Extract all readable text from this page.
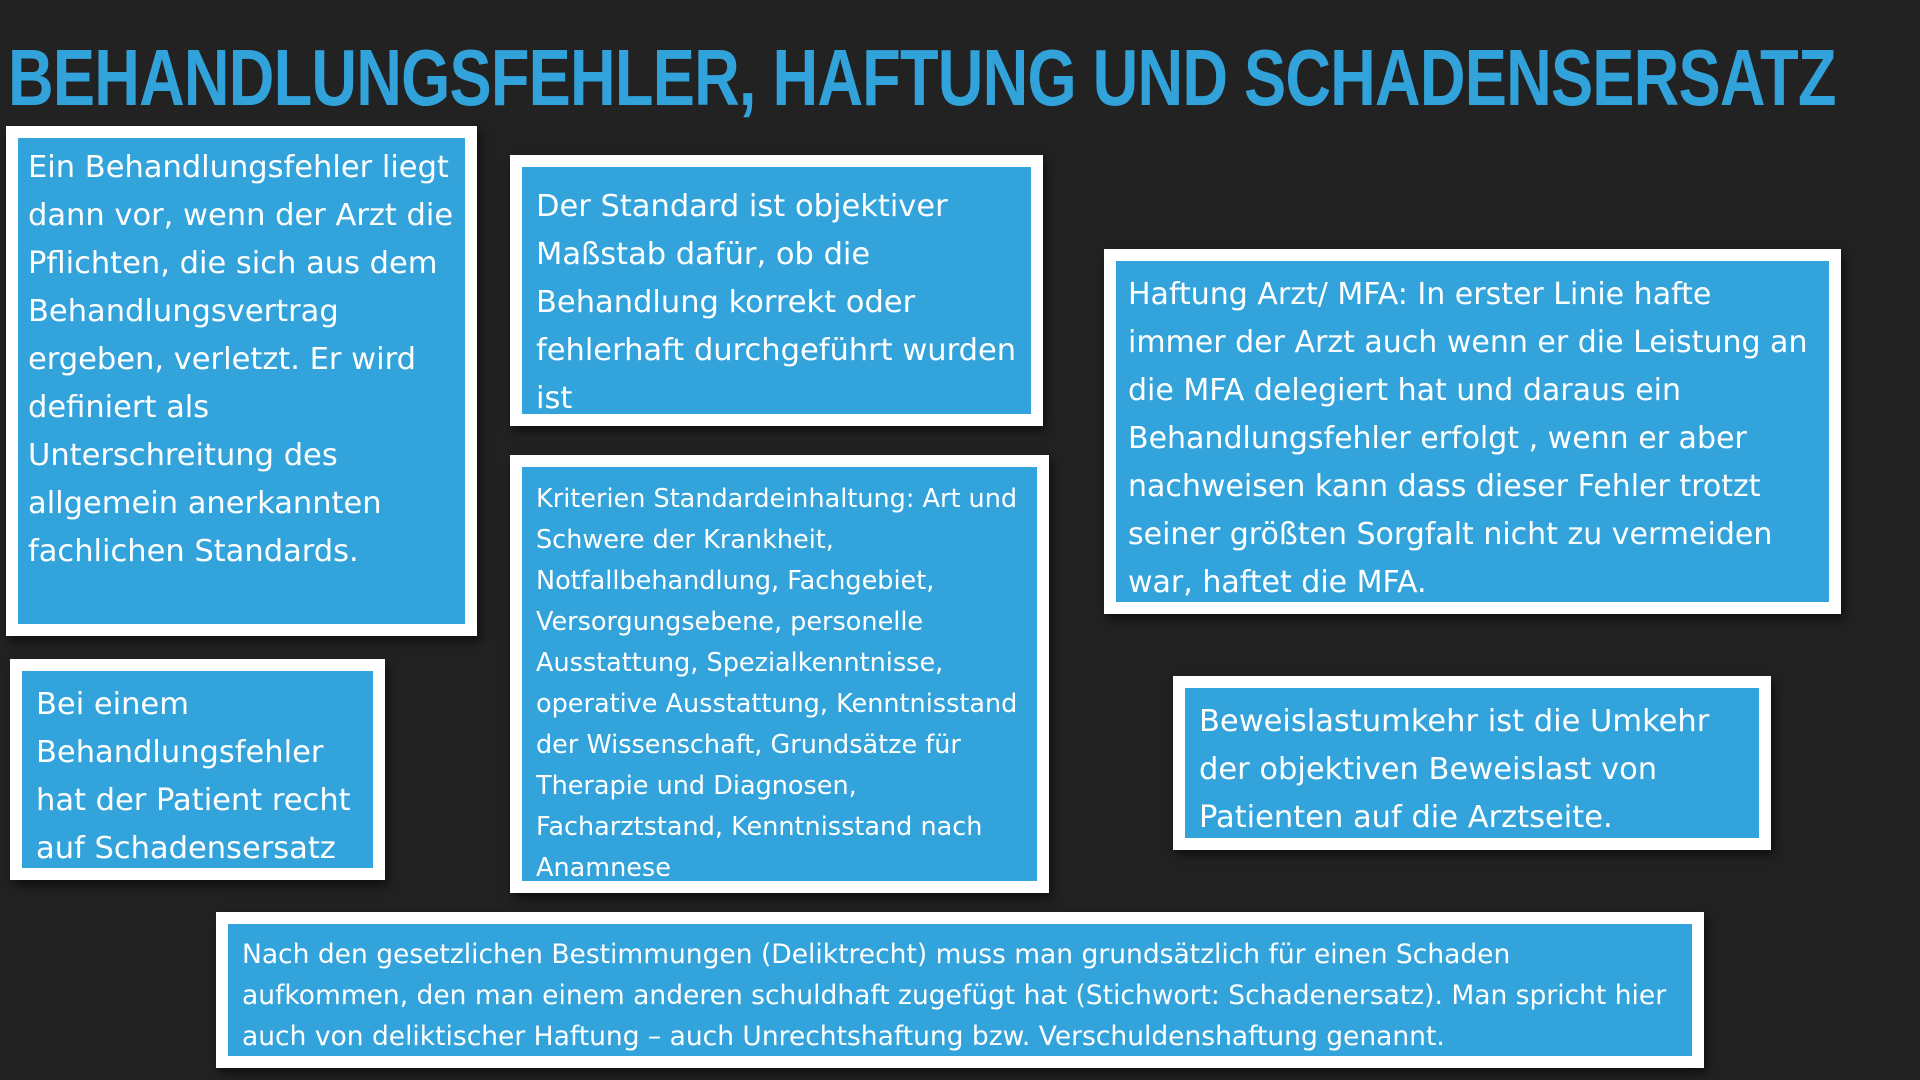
BEHANDLUNGSFEHLER, HAFTUNG UND SCHADENSERSATZ

Ein Behandlungsfehler liegt dann vor, wenn der Arzt die Pflichten, die sich aus dem Behandlungsvertrag ergeben, verletzt. Er wird definiert als Unterschreitung des allgemein anerkannten fachlichen Standards.

Der Standard ist objektiver Maßstab dafür, ob die Behandlung korrekt oder fehlerhaft durchgeführt wurden ist

Kriterien Standardeinhaltung: Art und Schwere der Krankheit, Notfallbehandlung, Fachgebiet, Versorgungsebene, personelle Ausstattung, Spezialkenntnisse, operative Ausstattung, Kenntnisstand der Wissenschaft, Grundsätze für Therapie und Diagnosen, Facharztstand, Kenntnisstand nach Anamnese

Haftung Arzt/ MFA: In erster Linie hafte immer der Arzt auch wenn er die Leistung an die MFA delegiert hat und daraus ein Behandlungsfehler erfolgt , wenn er aber nachweisen kann dass dieser Fehler trotzt seiner größten Sorgfalt nicht zu vermeiden war, haftet die MFA.

Bei einem Behandlungsfehler hat der Patient recht auf Schadensersatz

Beweislastumkehr ist die Umkehr der objektiven Beweislast von Patienten auf die Arztseite.

Nach den gesetzlichen Bestimmungen (Deliktrecht) muss man grundsätzlich für einen Schaden aufkommen, den man einem anderen schuldhaft zugefügt hat (Stichwort: Schadenersatz). Man spricht hier auch von deliktischer Haftung – auch Unrechtshaftung bzw. Verschuldenshaftung genannt.
